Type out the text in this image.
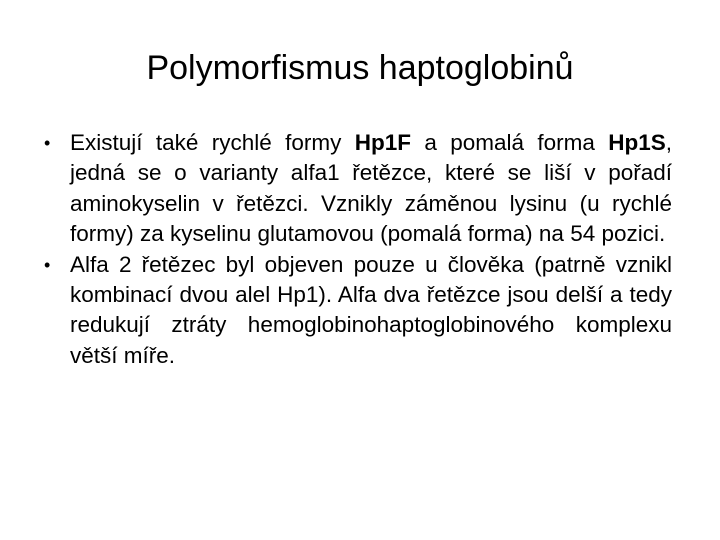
Polymorfismus haptoglobinů
• Existují také rychlé formy Hp1F a pomalá forma Hp1S, jedná se o varianty alfa1 řetězce, které se liší v pořadí aminokyselin v řetězci. Vznikly záměnou lysinu (u rychlé formy) za kyselinu glutamovou (pomalá forma) na 54 pozici.
• Alfa 2 řetězec byl objeven pouze u člověka (patrně vznikl kombinací dvou alel Hp1). Alfa dva řetězce jsou delší a tedy redukují ztráty hemoglobinohaptoglobinového komplexu větší míře.
